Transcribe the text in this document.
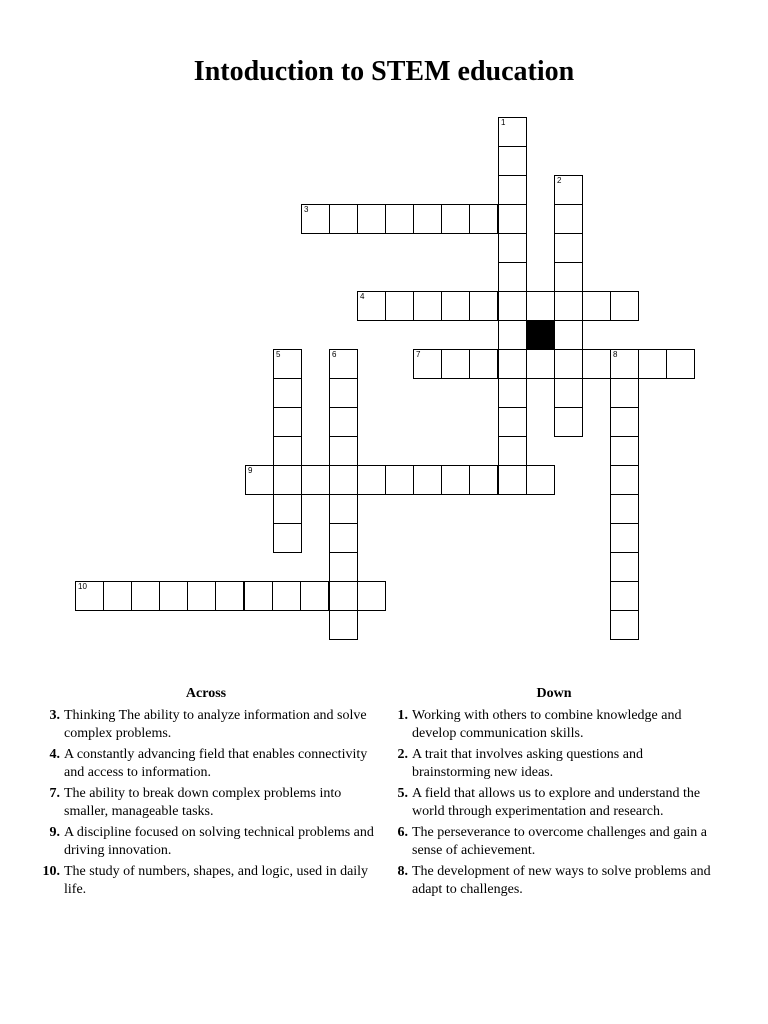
Intoduction to STEM education
1
2
3
4
7	8
5	6
9
10
Across
3. Thinking The ability to analyze information and solve complex problems.
4. A constantly advancing field that enables connectivity and access to information.
7. The ability to break down complex problems into smaller, manageable tasks.
9. A discipline focused on solving technical problems and driving innovation.
10. The study of numbers, shapes, and logic, used in daily life.
Down
1. Working with others to combine knowledge and develop communication skills.
2. A trait that involves asking questions and brainstorming new ideas.
5. A field that allows us to explore and understand the world through experimentation and research.
6. The perseverance to overcome challenges and gain a sense of achievement.
8. The development of new ways to solve problems and adapt to challenges.
